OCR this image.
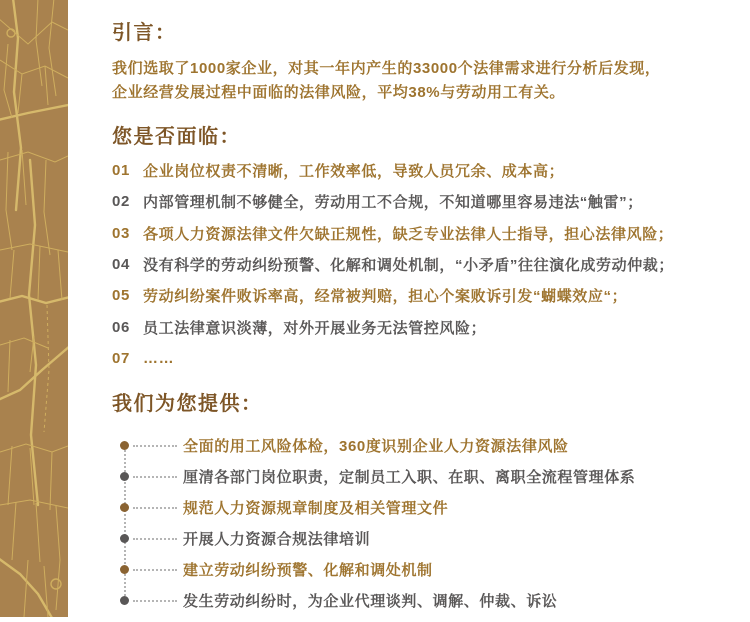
引言：
我们选取了1000家企业，对其一年内产生的33000个法律需求进行分析后发现，
企业经营发展过程中面临的法律风险，平均38%与劳动用工有关。
您是否面临：
01 企业岗位权责不清晰，工作效率低，导致人员冗余、成本高；
02 内部管理机制不够健全，劳动用工不合规，不知道哪里容易违法“触雷”；
03 各项人力资源法律文件欠缺正规性，缺乏专业法律人士指导，担心法律风险；
04 没有科学的劳动纠纷预警、化解和调处机制，“小矛盾”往往演化成劳动仲裁；
05 劳动纠纷案件败诉率高，经常被判赔，担心个案败诉引发“蝴蝶效应“；
06 员工法律意识淡薄，对外开展业务无法管控风险；
07 ……
我们为您提供：
全面的用工风险体检，360度识别企业人力资源法律风险
厘清各部门岗位职责，定制员工入职、在职、离职全流程管理体系
规范人力资源规章制度及相关管理文件
开展人力资源合规法律培训
建立劳动纠纷预警、化解和调处机制
发生劳动纠纷时，为企业代理谈判、调解、仲裁、诉讼
